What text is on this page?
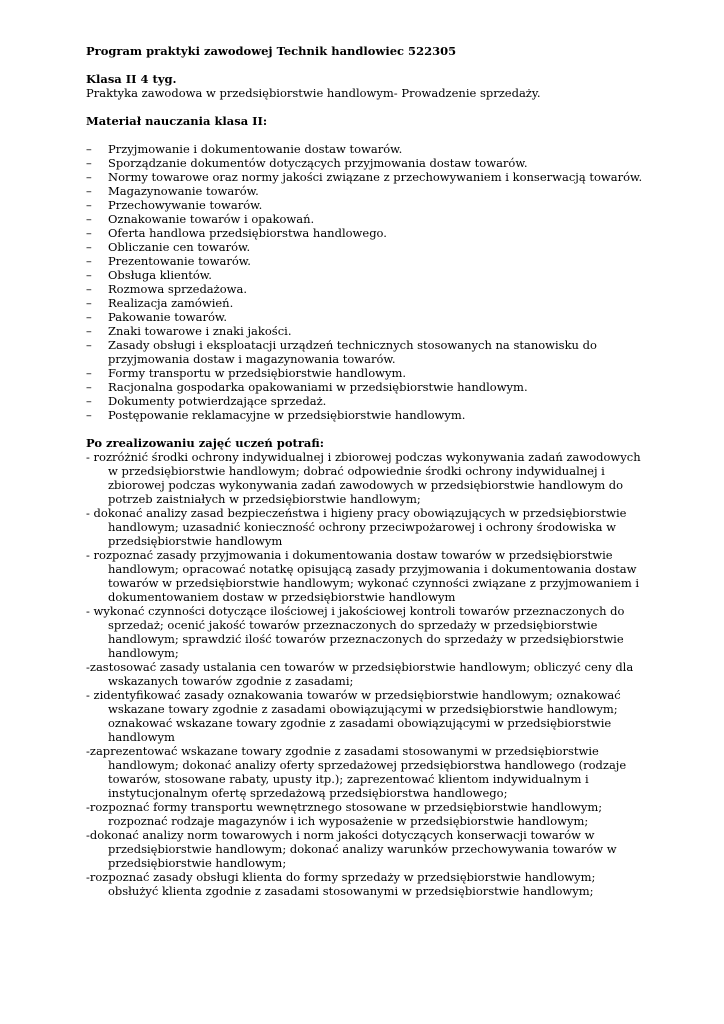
Program praktyki zawodowej Technik handlowiec 522305

Klasa II 4 tyg.

Praktyka zawodowa w przedsiębiorstwie handlowym- Prowadzenie sprzedaży.

Materiał nauczania klasa II:

– Przyjmowanie i dokumentowanie dostaw towarów.
– Sporządzanie dokumentów dotyczących przyjmowania dostaw towarów.
– Normy towarowe oraz normy jakości związane z przechowywaniem i konserwacją towarów.
– Magazynowanie towarów.
– Przechowywanie towarów.
– Oznakowanie towarów i opakowań.
– Oferta handlowa przedsiębiorstwa handlowego.
– Obliczanie cen towarów.
– Prezentowanie towarów.
– Obsługa klientów.
– Rozmowa sprzedażowa.
– Realizacja zamówień.
– Pakowanie towarów.
– Znaki towarowe i znaki jakości.
– Zasady obsługi i eksploatacji urządzeń technicznych stosowanych na stanowisku do przyjmowania dostaw i magazynowania towarów.
– Formy transportu w przedsiębiorstwie handlowym.
– Racjonalna gospodarka opakowaniami w przedsiębiorstwie handlowym.
– Dokumenty potwierdzające sprzedaż.
– Postępowanie reklamacyjne w przedsiębiorstwie handlowym.

Po zrealizowaniu zajęć uczeń potrafi:

- rozróżnić środki ochrony indywidualnej i zbiorowej podczas wykonywania zadań zawodowych w przedsiębiorstwie handlowym; dobrać odpowiednie środki ochrony indywidualnej i zbiorowej podczas wykonywania zadań zawodowych w przedsiębiorstwie handlowym do potrzeb zaistniałych w przedsiębiorstwie handlowym;

- dokonać analizy zasad bezpieczeństwa i higieny pracy obowiązujących w przedsiębiorstwie handlowym; uzasadnić konieczność ochrony przeciwpożarowej i ochrony środowiska w przedsiębiorstwie handlowym

- rozpoznać zasady przyjmowania i dokumentowania dostaw towarów w przedsiębiorstwie handlowym; opracować notatkę opisującą zasady przyjmowania i dokumentowania dostaw towarów w przedsiębiorstwie handlowym; wykonać czynności związane z przyjmowaniem i dokumentowaniem dostaw w przedsiębiorstwie handlowym

- wykonać czynności dotyczące ilościowej i jakościowej kontroli towarów przeznaczonych do sprzedaż; ocenić jakość towarów przeznaczonych do sprzedaży w przedsiębiorstwie handlowym; sprawdzić ilość towarów przeznaczonych do sprzedaży w przedsiębiorstwie handlowym;

-zastosować zasady ustalania cen towarów w przedsiębiorstwie handlowym; obliczyć ceny dla wskazanych towarów zgodnie z zasadami;

- zidentyfikować zasady oznakowania towarów w przedsiębiorstwie handlowym; oznakować wskazane towary zgodnie z zasadami obowiązującymi w przedsiębiorstwie handlowym; oznakować wskazane towary zgodnie z zasadami obowiązującymi w przedsiębiorstwie handlowym

-zaprezentować wskazane towary zgodnie z zasadami stosowanymi w przedsiębiorstwie handlowym; dokonać analizy oferty sprzedażowej przedsiębiorstwa handlowego (rodzaje towarów, stosowane rabaty, upusty itp.); zaprezentować klientom indywidualnym i instytucjonalnym ofertę sprzedażową przedsiębiorstwa handlowego;

-rozpoznać formy transportu wewnętrznego stosowane w przedsiębiorstwie handlowym; rozpoznać rodzaje magazynów i ich wyposażenie w przedsiębiorstwie handlowym;

-dokonać analizy norm towarowych i norm jakości dotyczących konserwacji towarów w przedsiębiorstwie handlowym; dokonać analizy warunków przechowywania towarów w przedsiębiorstwie handlowym;

-rozpoznać zasady obsługi klienta do formy sprzedaży w przedsiębiorstwie handlowym; obsłużyć klienta zgodnie z zasadami stosowanymi w przedsiębiorstwie handlowym;
